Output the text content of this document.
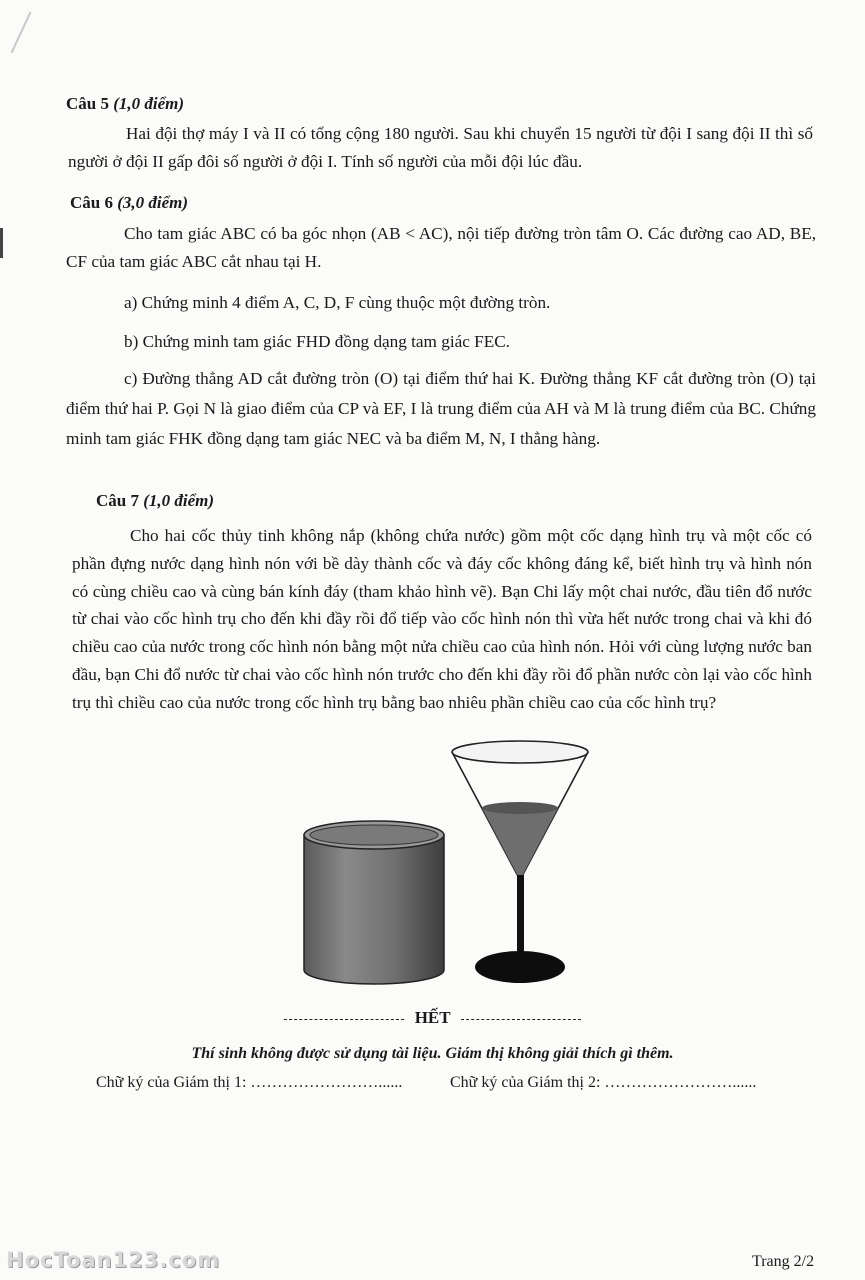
Câu 5 (1,0 điểm)

Hai đội thợ máy I và II có tổng cộng 180 người. Sau khi chuyển 15 người từ đội I sang đội II thì số người ở đội II gấp đôi số người ở đội I. Tính số người của mỗi đội lúc đầu.

Câu 6 (3,0 điểm)

Cho tam giác ABC có ba góc nhọn (AB < AC), nội tiếp đường tròn tâm O. Các đường cao AD, BE, CF của tam giác ABC cắt nhau tại H.

a) Chứng minh 4 điểm A, C, D, F cùng thuộc một đường tròn.
b) Chứng minh tam giác FHD đồng dạng tam giác FEC.

c) Đường thẳng AD cắt đường tròn (O) tại điểm thứ hai K. Đường thẳng KF cắt đường tròn (O) tại điểm thứ hai P. Gọi N là giao điểm của CP và EF, I là trung điểm của AH và M là trung điểm của BC. Chứng minh tam giác FHK đồng dạng tam giác NEC và ba điểm M, N, I thẳng hàng.

Câu 7 (1,0 điểm)

Cho hai cốc thủy tinh không nắp (không chứa nước) gồm một cốc dạng hình trụ và một cốc có phần đựng nước dạng hình nón với bề dày thành cốc và đáy cốc không đáng kể, biết hình trụ và hình nón có cùng chiều cao và cùng bán kính đáy (tham khảo hình vẽ). Bạn Chi lấy một chai nước, đầu tiên đổ nước từ chai vào cốc hình trụ cho đến khi đầy rồi đổ tiếp vào cốc hình nón thì vừa hết nước trong chai và khi đó chiều cao của nước trong cốc hình nón bằng một nửa chiều cao của hình nón. Hỏi với cùng lượng nước ban đầu, bạn Chi đổ nước từ chai vào cốc hình nón trước cho đến khi đầy rồi đổ phần nước còn lại vào cốc hình trụ thì chiều cao của nước trong cốc hình trụ bằng bao nhiêu phần chiều cao của cốc hình trụ?

HẾT
Thí sinh không được sử dụng tài liệu. Giám thị không giải thích gì thêm.
Chữ ký của Giám thị 1: ……………………......	Chữ ký của Giám thị 2: ……………………......
HocToan123.com	Trang 2/2
